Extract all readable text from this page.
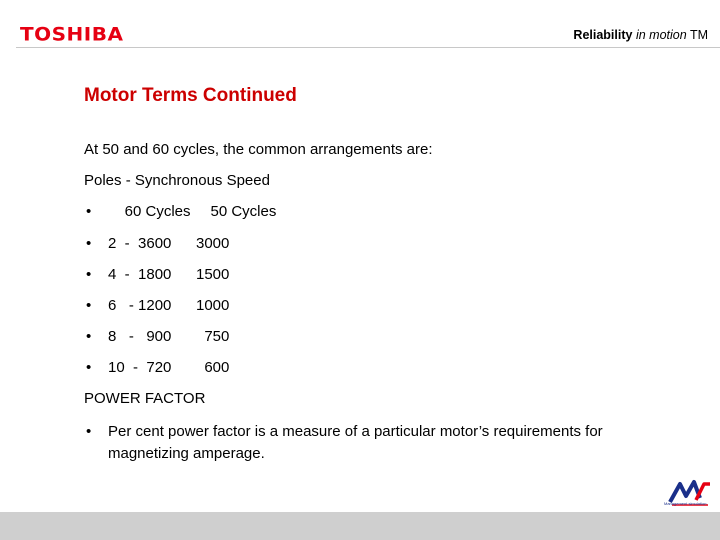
TOSHIBA	Reliability in motion TM
Motor Terms Continued
At 50 and 60 cycles, the common arrangements are:
Poles - Synchronous Speed
• 60 Cycles 50 Cycles
• 2  -  3600 3000
• 4  -  1800 1500
• 6   - 1200 1000
• 8   -   900 750
• 10  -  720 600
POWER FACTOR
• Per cent power factor is a measure of a particular motor’s requirements for magnetizing amperage.
Management simulation
